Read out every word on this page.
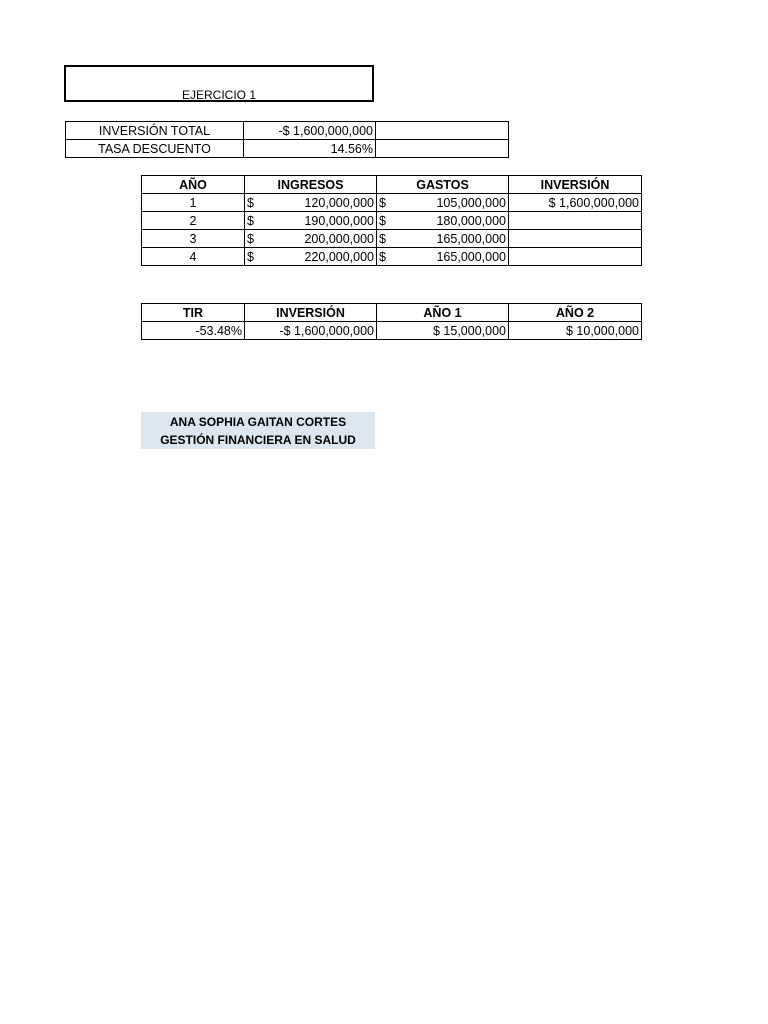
EJERCICIO 1
INVERSIÓN TOTAL	-$ 1,600,000,000	
TASA DESCUENTO	14.56%	
AÑO	INGRESOS	GASTOS	INVERSIÓN
1	$ 120,000,000	$ 105,000,000	$ 1,600,000,000
2	$ 190,000,000	$ 180,000,000	

3	$ 200,000,000	$ 165,000,000	

4	$ 220,000,000	$ 165,000,000	

TIR	INVERSIÓN	AÑO 1	AÑO 2
-53.48%	-$ 1,600,000,000	$ 15,000,000	$ 10,000,000
ANA SOPHIA GAITAN CORTES
GESTIÓN FINANCIERA EN SALUD
